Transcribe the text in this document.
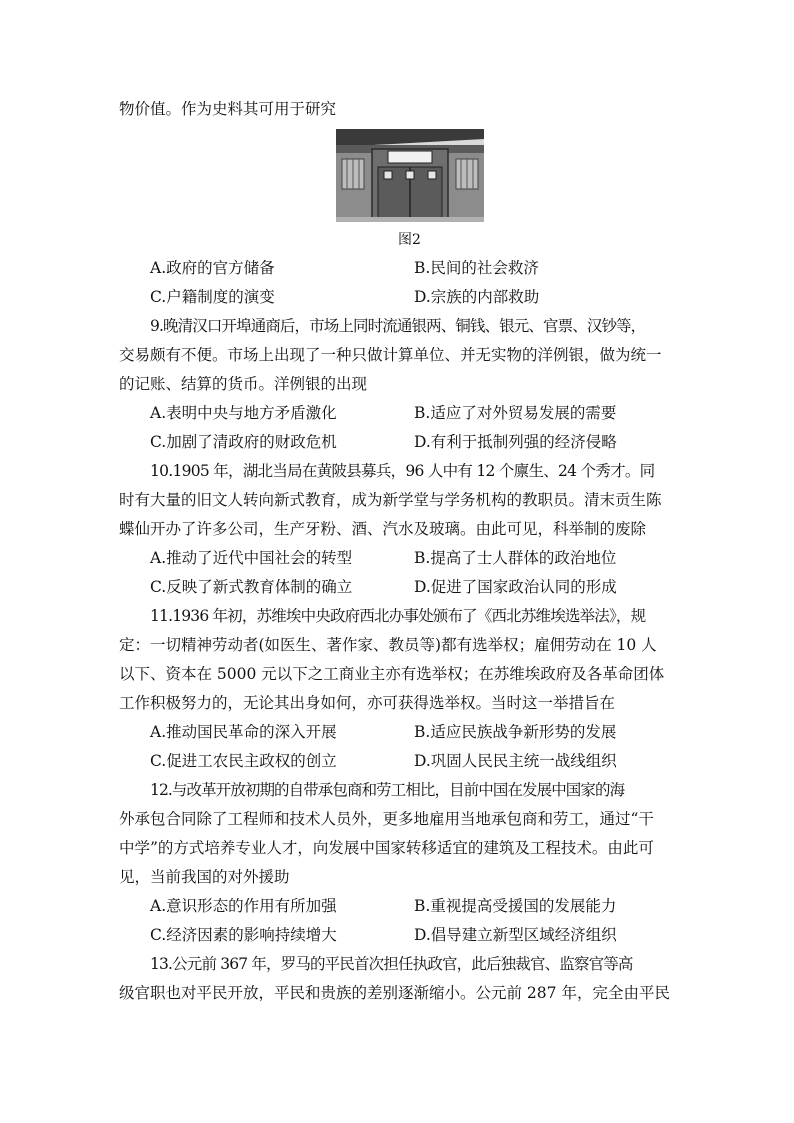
物价值。作为史料其可用于研究
图2
A.政府的官方储备	B.民间的社会救济
C.户籍制度的演变	D.宗族的内部救助
9.晚清汉口开埠通商后，市场上同时流通银两、铜钱、银元、官票、汉钞等，
交易颇有不便。市场上出现了一种只做计算单位、并无实物的洋例银，做为统一
的记账、结算的货币。洋例银的出现
A.表明中央与地方矛盾激化	B.适应了对外贸易发展的需要
C.加剧了清政府的财政危机	D.有利于抵制列强的经济侵略
10.1905 年，湖北当局在黄陂县募兵，96 人中有 12 个廪生、24 个秀才。同
时有大量的旧文人转向新式教育，成为新学堂与学务机构的教职员。清末贡生陈
蝶仙开办了许多公司，生产牙粉、酒、汽水及玻璃。由此可见，科举制的废除
A.推动了近代中国社会的转型	B.提高了士人群体的政治地位
C.反映了新式教育体制的确立	D.促进了国家政治认同的形成
11.1936 年初，苏维埃中央政府西北办事处颁布了《西北苏维埃选举法》，规
定：一切精神劳动者(如医生、著作家、教员等)都有选举权；雇佣劳动在 10 人
以下、资本在 5000 元以下之工商业主亦有选举权；在苏维埃政府及各革命团体
工作积极努力的，无论其出身如何，亦可获得选举权。当时这一举措旨在
A.推动国民革命的深入开展	B.适应民族战争新形势的发展
C.促进工农民主政权的创立	D.巩固人民民主统一战线组织
12.与改革开放初期的自带承包商和劳工相比，目前中国在发展中国家的海
外承包合同除了工程师和技术人员外，更多地雇用当地承包商和劳工，通过“干
中学”的方式培养专业人才，向发展中国家转移适宜的建筑及工程技术。由此可
见，当前我国的对外援助
A.意识形态的作用有所加强	B.重视提高受援国的发展能力
C.经济因素的影响持续增大	D.倡导建立新型区域经济组织
13.公元前 367 年，罗马的平民首次担任执政官，此后独裁官、监察官等高
级官职也对平民开放，平民和贵族的差别逐渐缩小。公元前 287 年，完全由平民
